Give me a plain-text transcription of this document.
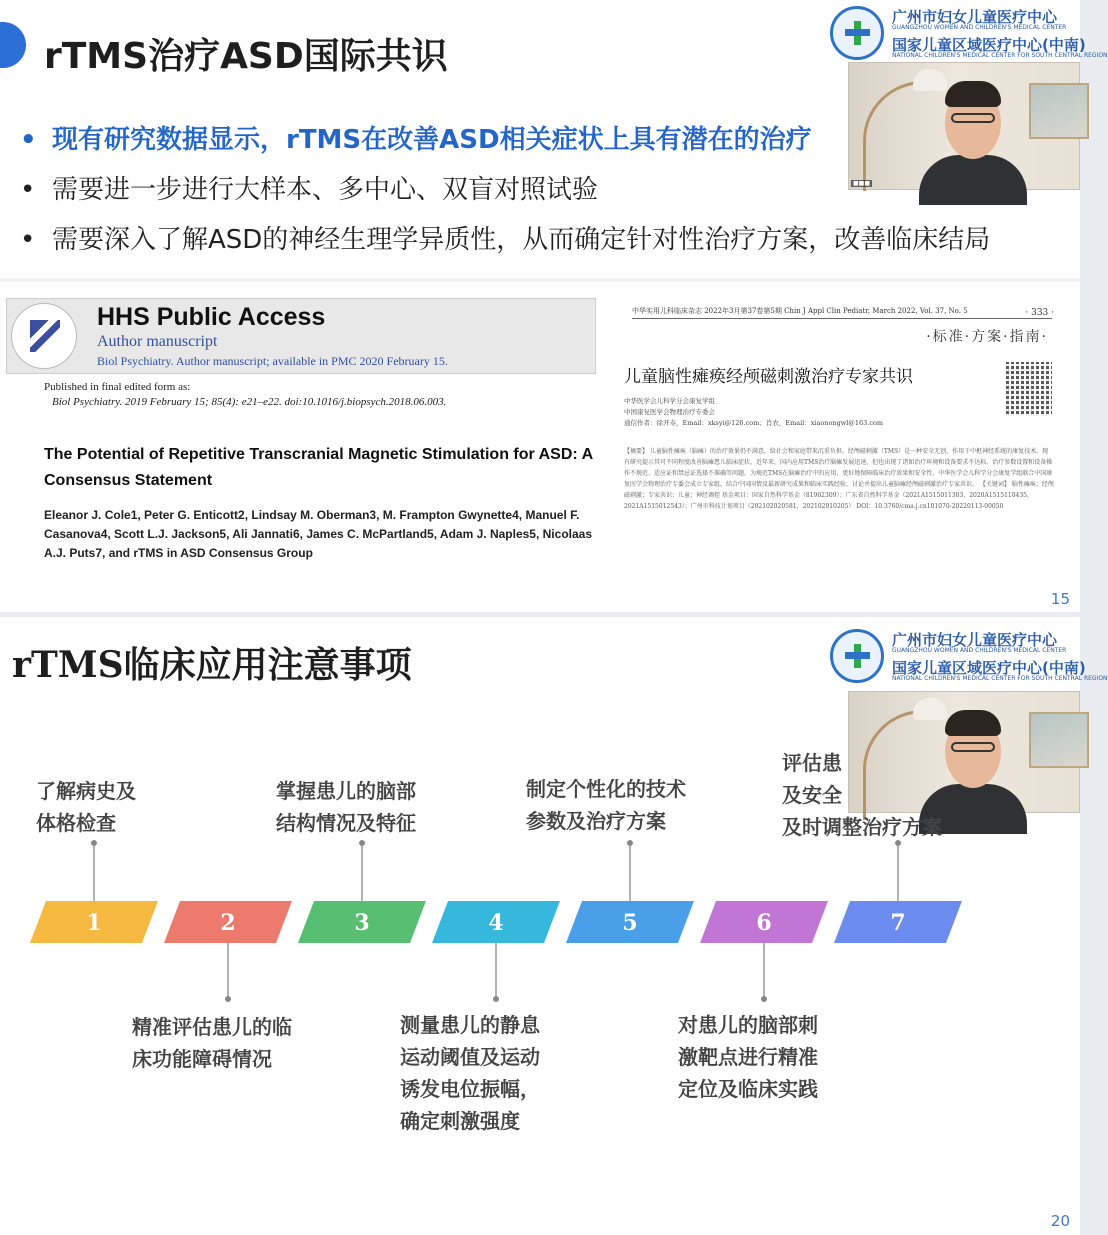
rTMS治疗ASD国际共识
广州市妇女儿童医疗中心
GUANGZHOU WOMEN AND CHILDREN'S MEDICAL CENTER
国家儿童区域医疗中心(中南)
NATIONAL CHILDREN'S MEDICAL CENTER FOR SOUTH CENTRAL REGION
■■■
• 现有研究数据显示，rTMS在改善ASD相关症状上具有潜在的治疗
• 需要进一步进行大样本、多中心、双盲对照试验
• 需要深入了解ASD的神经生理学异质性，从而确定针对性治疗方案，改善临床结局
HHS Public Access
Author manuscript
Biol Psychiatry. Author manuscript; available in PMC 2020 February 15.
Published in final edited form as:
Biol Psychiatry. 2019 February 15; 85(4): e21–e22. doi:10.1016/j.biopsych.2018.06.003.
The Potential of Repetitive Transcranial Magnetic Stimulation for ASD: A Consensus Statement
Eleanor J. Cole1, Peter G. Enticott2, Lindsay M. Oberman3, M. Frampton Gwynette4, Manuel F. Casanova4, Scott L.J. Jackson5, Ali Jannati6, James C. McPartland5, Adam J. Naples5, Nicolaas A.J. Puts7, and rTMS in ASD Consensus Group
中华实用儿科临床杂志 2022年3月第37卷第5期 Chin J Appl Clin Pediatr, March 2022, Vol. 37, No. 5	· 333 ·
·标准·方案·指南·
儿童脑性瘫痪经颅磁刺激治疗专家共识
中华医学会儿科学分会康复学组
中国康复医学会物理治疗专委会
通信作者：徐开寿，Email：xksyi@126.com；肖农，Email：xiaonongwl@163.com
【摘要】 儿童脑性瘫痪（脑瘫）的治疗效果仍不满意，给社会和家庭带来沉重负担。经颅磁刺激（TMS）是一种安全无创、作用于中枢神经系统的康复技术，现有研究提示其可不同程度改善脑瘫患儿临床症状。近年来，国内应用TMS治疗脑瘫发展迅速，但也出现了诸如治疗环境和设备要求不达标、治疗参数设置和设备操作不规范、适应证和禁忌证选择不准确等问题。为规范TMS在脑瘫治疗中的应用，更好地保障临床治疗效果和安全性，中华医学会儿科学分会康复学组联合中国康复医学会物理治疗专委会成立专家组，结合中国国情及最新研究成果和临床实践经验，讨论并提出儿童脑瘫经颅磁刺激治疗专家共识。 【关键词】 脑性瘫痪；经颅磁刺激；专家共识；儿童；神经调控 基金项目：国家自然科学基金（81902309）；广东省自然科学基金（2021A1515011303，2020A1515110435，2021A1515012543）；广州市科技计划项目（202102020581，202102010205） DOI：10.3760/cma.j.cn101070-20220113-00050
15
rTMS临床应用注意事项
广州市妇女儿童医疗中心
GUANGZHOU WOMEN AND CHILDREN'S MEDICAL CENTER
国家儿童区域医疗中心(中南)
NATIONAL CHILDREN'S MEDICAL CENTER FOR SOUTH CENTRAL REGION
1	2	3	4	5	6	7
了解病史及
体格检查
精准评估患儿的临
床功能障碍情况
掌握患儿的脑部
结构情况及特征
测量患儿的静息
运动阈值及运动
诱发电位振幅，
确定刺激强度
制定个性化的技术
参数及治疗方案
对患儿的脑部刺
激靶点进行精准
定位及临床实践
评估患
及安全
及时调整治疗方案
20
